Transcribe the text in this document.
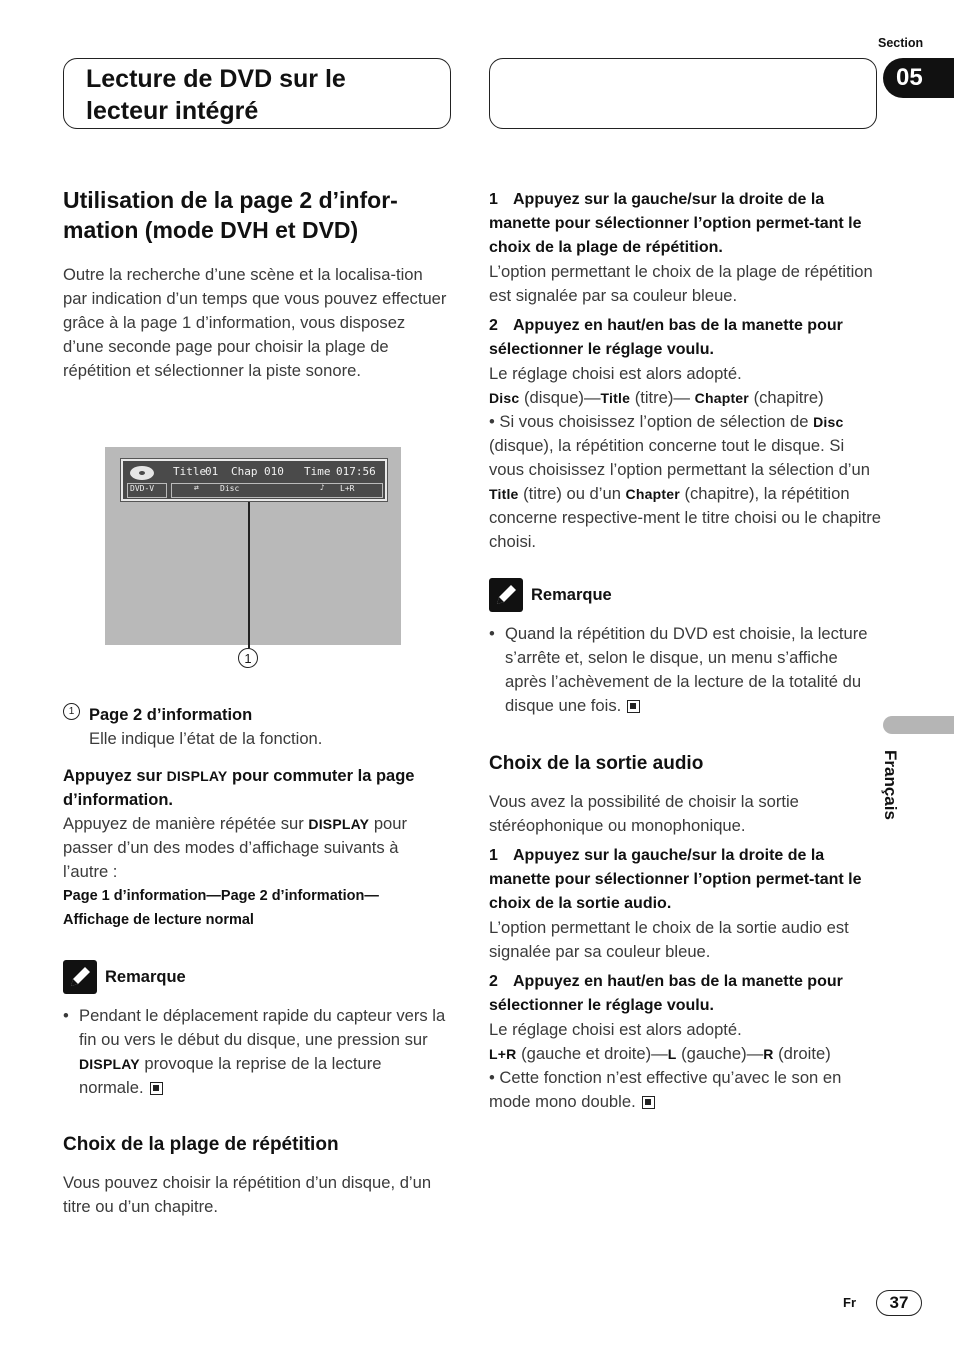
Section
05
Lecture de DVD sur le
lecteur intégré
Utilisation de la page 2 d’infor-
mation (mode DVH et DVD)

Outre la recherche d’une scène et la localisa-tion par indication d’un temps que vous pouvez effectuer grâce à la page 1 d’information, vous disposez d’une seconde page pour choisir la plage de répétition et sélectionner la piste sonore.

Title
01 Chap 010 Time 017:56
DVD-V	⇄	Disc	♪ L+R
1
1 Page 2 d’information
Elle indique l’état de la fonction.

Appuyez sur DISPLAY pour commuter la page d’information.

Appuyez de manière répétée sur DISPLAY pour passer d’un des modes d’affichage suivants à l’autre :

Page 1 d’information—Page 2 d’information—
Affichage de lecture normal

Remarque
• Pendant le déplacement rapide du capteur vers la fin ou vers le début du disque, une pression sur DISPLAY provoque la reprise de la lecture normale.
Choix de la plage de répétition

Vous pouvez choisir la répétition d’un disque, d’un titre ou d’un chapitre.

1 Appuyez sur la gauche/sur la droite de la manette pour sélectionner l’option permet-tant le choix de la plage de répétition.

L’option permettant le choix de la plage de répétition est signalée par sa couleur bleue.

2 Appuyez en haut/en bas de la manette pour sélectionner le réglage voulu.

Le réglage choisi est alors adopté.

Disc (disque)—Title (titre)— Chapter (chapitre)

• Si vous choisissez l’option de sélection de Disc (disque), la répétition concerne tout le disque. Si vous choisissez l’option permettant la sélection d’un Title (titre) ou d’un Chapter (chapitre), la répétition concerne respective-ment le titre choisi ou le chapitre choisi.

Remarque
• Quand la répétition du DVD est choisie, la lecture s’arrête et, selon le disque, un menu s’affiche après l’achèvement de la lecture de la totalité du disque une fois.
Choix de la sortie audio

Vous avez la possibilité de choisir la sortie stéréophonique ou monophonique.

1 Appuyez sur la gauche/sur la droite de la manette pour sélectionner l’option permet-tant le choix de la sortie audio.

L’option permettant le choix de la sortie audio est signalée par sa couleur bleue.

2 Appuyez en haut/en bas de la manette pour sélectionner le réglage voulu.

Le réglage choisi est alors adopté.

L+R (gauche et droite)—L (gauche)—R (droite)

• Cette fonction n’est effective qu’avec le son en mode mono double.

Français
Fr	37
